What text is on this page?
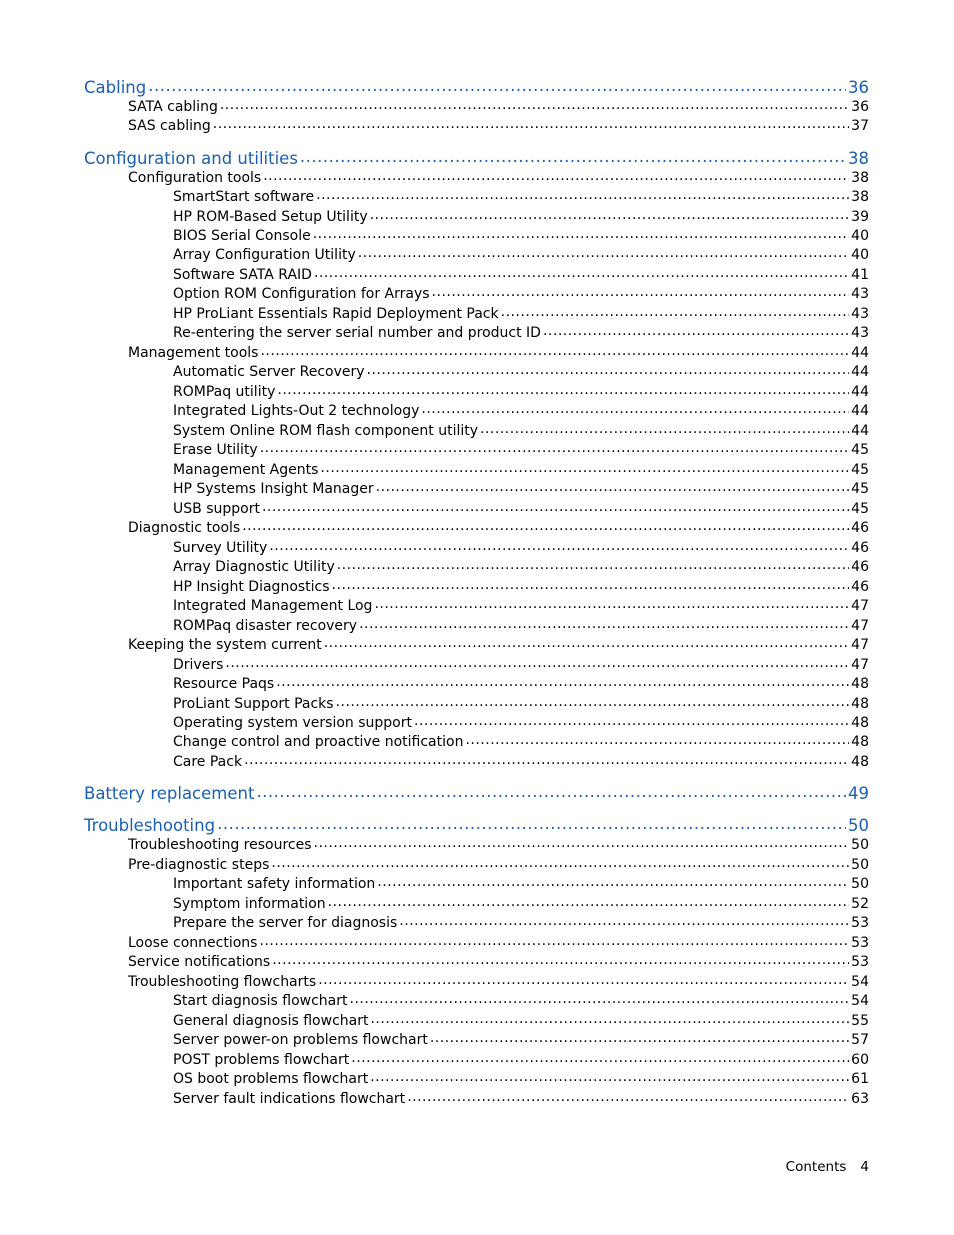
Cabling .....	36
SATA cabling .....	36
SAS cabling .....	37
Configuration and utilities .....	38
Configuration tools .....	38
SmartStart software .....	38
HP ROM-Based Setup Utility .....	39
BIOS Serial Console .....	40
Array Configuration Utility .....	40
Software SATA RAID .....	41
Option ROM Configuration for Arrays .....	43
HP ProLiant Essentials Rapid Deployment Pack .....	43
Re-entering the server serial number and product ID .....	43
Management tools .....	44
Automatic Server Recovery .....	44
ROMPaq utility .....	44
Integrated Lights-Out 2 technology .....	44
System Online ROM flash component utility .....	44
Erase Utility .....	45
Management Agents .....	45
HP Systems Insight Manager .....	45
USB support .....	45
Diagnostic tools .....	46
Survey Utility .....	46
Array Diagnostic Utility .....	46
HP Insight Diagnostics .....	46
Integrated Management Log .....	47
ROMPaq disaster recovery .....	47
Keeping the system current .....	47
Drivers .....	47
Resource Paqs .....	48
ProLiant Support Packs .....	48
Operating system version support .....	48
Change control and proactive notification .....	48
Care Pack .....	48
Battery replacement .....	49
Troubleshooting .....	50
Troubleshooting resources .....	50
Pre-diagnostic steps .....	50
Important safety information .....	50
Symptom information .....	52
Prepare the server for diagnosis .....	53
Loose connections .....	53
Service notifications .....	53
Troubleshooting flowcharts .....	54
Start diagnosis flowchart .....	54
General diagnosis flowchart .....	55
Server power-on problems flowchart .....	57
POST problems flowchart .....	60
OS boot problems flowchart .....	61
Server fault indications flowchart .....	63
Contents 4
